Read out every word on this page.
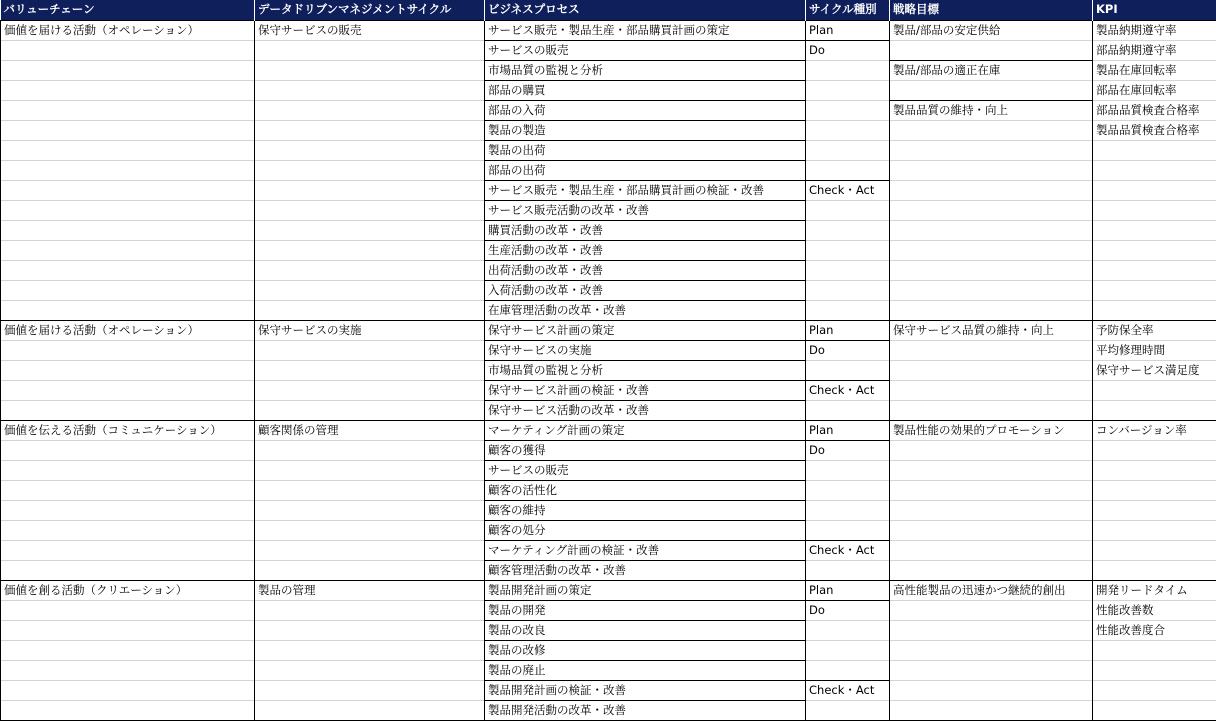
バリューチェーン	データドリブンマネジメントサイクル	ビジネスプロセス	サイクル種別	戦略目標	KPI
価値を届ける活動（オペレーション）	保守サービスの販売	サービス販売・製品生産・部品購買計画の策定	Plan	製品/部品の安定供給	製品納期遵守率
		サービスの販売	Do		部品納期遵守率
		市場品質の監視と分析		製品/部品の適正在庫	製品在庫回転率
		部品の購買			部品在庫回転率
		部品の入荷		製品品質の維持・向上	部品品質検査合格率
		製品の製造			製品品質検査合格率
		製品の出荷			
		部品の出荷			
		サービス販売・製品生産・部品購買計画の検証・改善	Check・Act		
		サービス販売活動の改革・改善			
		購買活動の改革・改善			
		生産活動の改革・改善			
		出荷活動の改革・改善			
		入荷活動の改革・改善			
		在庫管理活動の改革・改善			
価値を届ける活動（オペレーション）	保守サービスの実施	保守サービス計画の策定	Plan	保守サービス品質の維持・向上	予防保全率
		保守サービスの実施	Do		平均修理時間
		市場品質の監視と分析			保守サービス満足度
		保守サービス計画の検証・改善	Check・Act		
		保守サービス活動の改革・改善			
価値を伝える活動（コミュニケーション）	顧客関係の管理	マーケティング計画の策定	Plan	製品性能の効果的プロモーション	コンバージョン率
		顧客の獲得	Do		
		サービスの販売			
		顧客の活性化			
		顧客の維持			
		顧客の処分			
		マーケティング計画の検証・改善	Check・Act		
		顧客管理活動の改革・改善			
価値を創る活動（クリエーション）	製品の管理	製品開発計画の策定	Plan	高性能製品の迅速かつ継続的創出	開発リードタイム
		製品の開発	Do		性能改善数
		製品の改良			性能改善度合
		製品の改修			
		製品の廃止			
		製品開発計画の検証・改善	Check・Act		
		製品開発活動の改革・改善			
